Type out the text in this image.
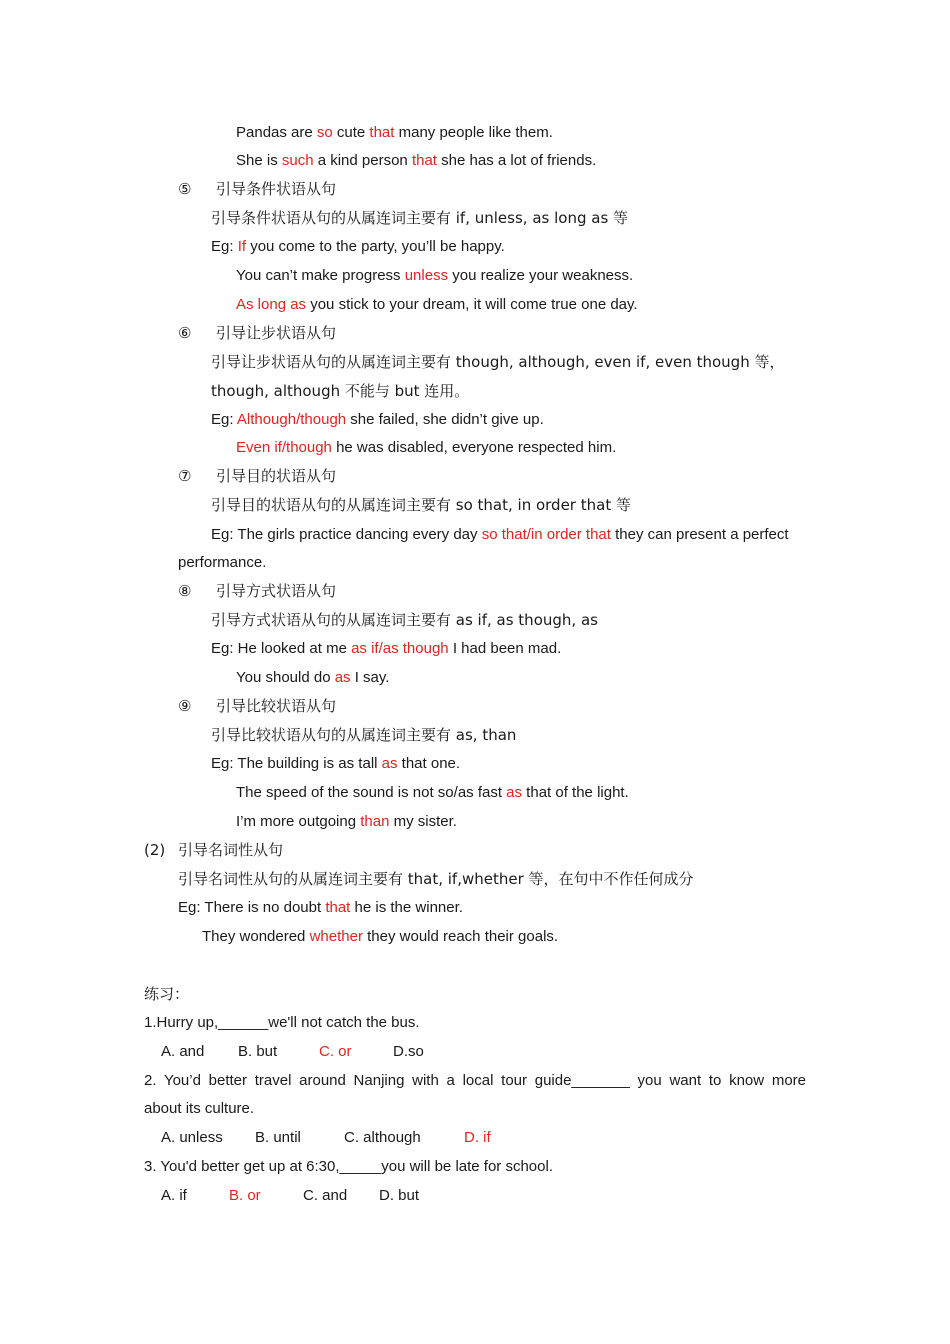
Pandas are so cute that many people like them.
She is such a kind person that she has a lot of friends.
⑤ 引导条件状语从句
引导条件状语从句的从属连词主要有 if, unless, as long as 等
Eg: If you come to the party, you’ll be happy.
You can’t make progress unless you realize your weakness.
As long as you stick to your dream, it will come true one day.
⑥ 引导让步状语从句
引导让步状语从句的从属连词主要有 though, although, even if, even though 等，
though, although 不能与 but 连用。
Eg: Although/though she failed, she didn’t give up.
Even if/though he was disabled, everyone respected him.
⑦ 引导目的状语从句
引导目的状语从句的从属连词主要有 so that, in order that 等
Eg: The girls practice dancing every day so that/in order that they can present a perfect
performance.
⑧ 引导方式状语从句
引导方式状语从句的从属连词主要有 as if, as though, as
Eg: He looked at me as if/as though I had been mad.
You should do as I say.
⑨ 引导比较状语从句
引导比较状语从句的从属连词主要有 as, than
Eg: The building is as tall as that one.
The speed of the sound is not so/as fast as that of the light.
I’m more outgoing than my sister.
(2) 引导名词性从句
引导名词性从句的从属连词主要有 that, if,whether 等，在句中不作任何成分
Eg: There is no doubt that he is the winner.
They wondered whether they would reach their goals.
练习：
1.Hurry up,______we'll not catch the bus.
A. and B. but	C. or	D.so
2. You’d better travel around Nanjing with a local tour guide_______ you want to know more
about its culture.
A. unless B. until	C. although	D. if
3. You'd better get up at 6:30,_____you will be late for school.
A. if	B. or	C. and D. but
